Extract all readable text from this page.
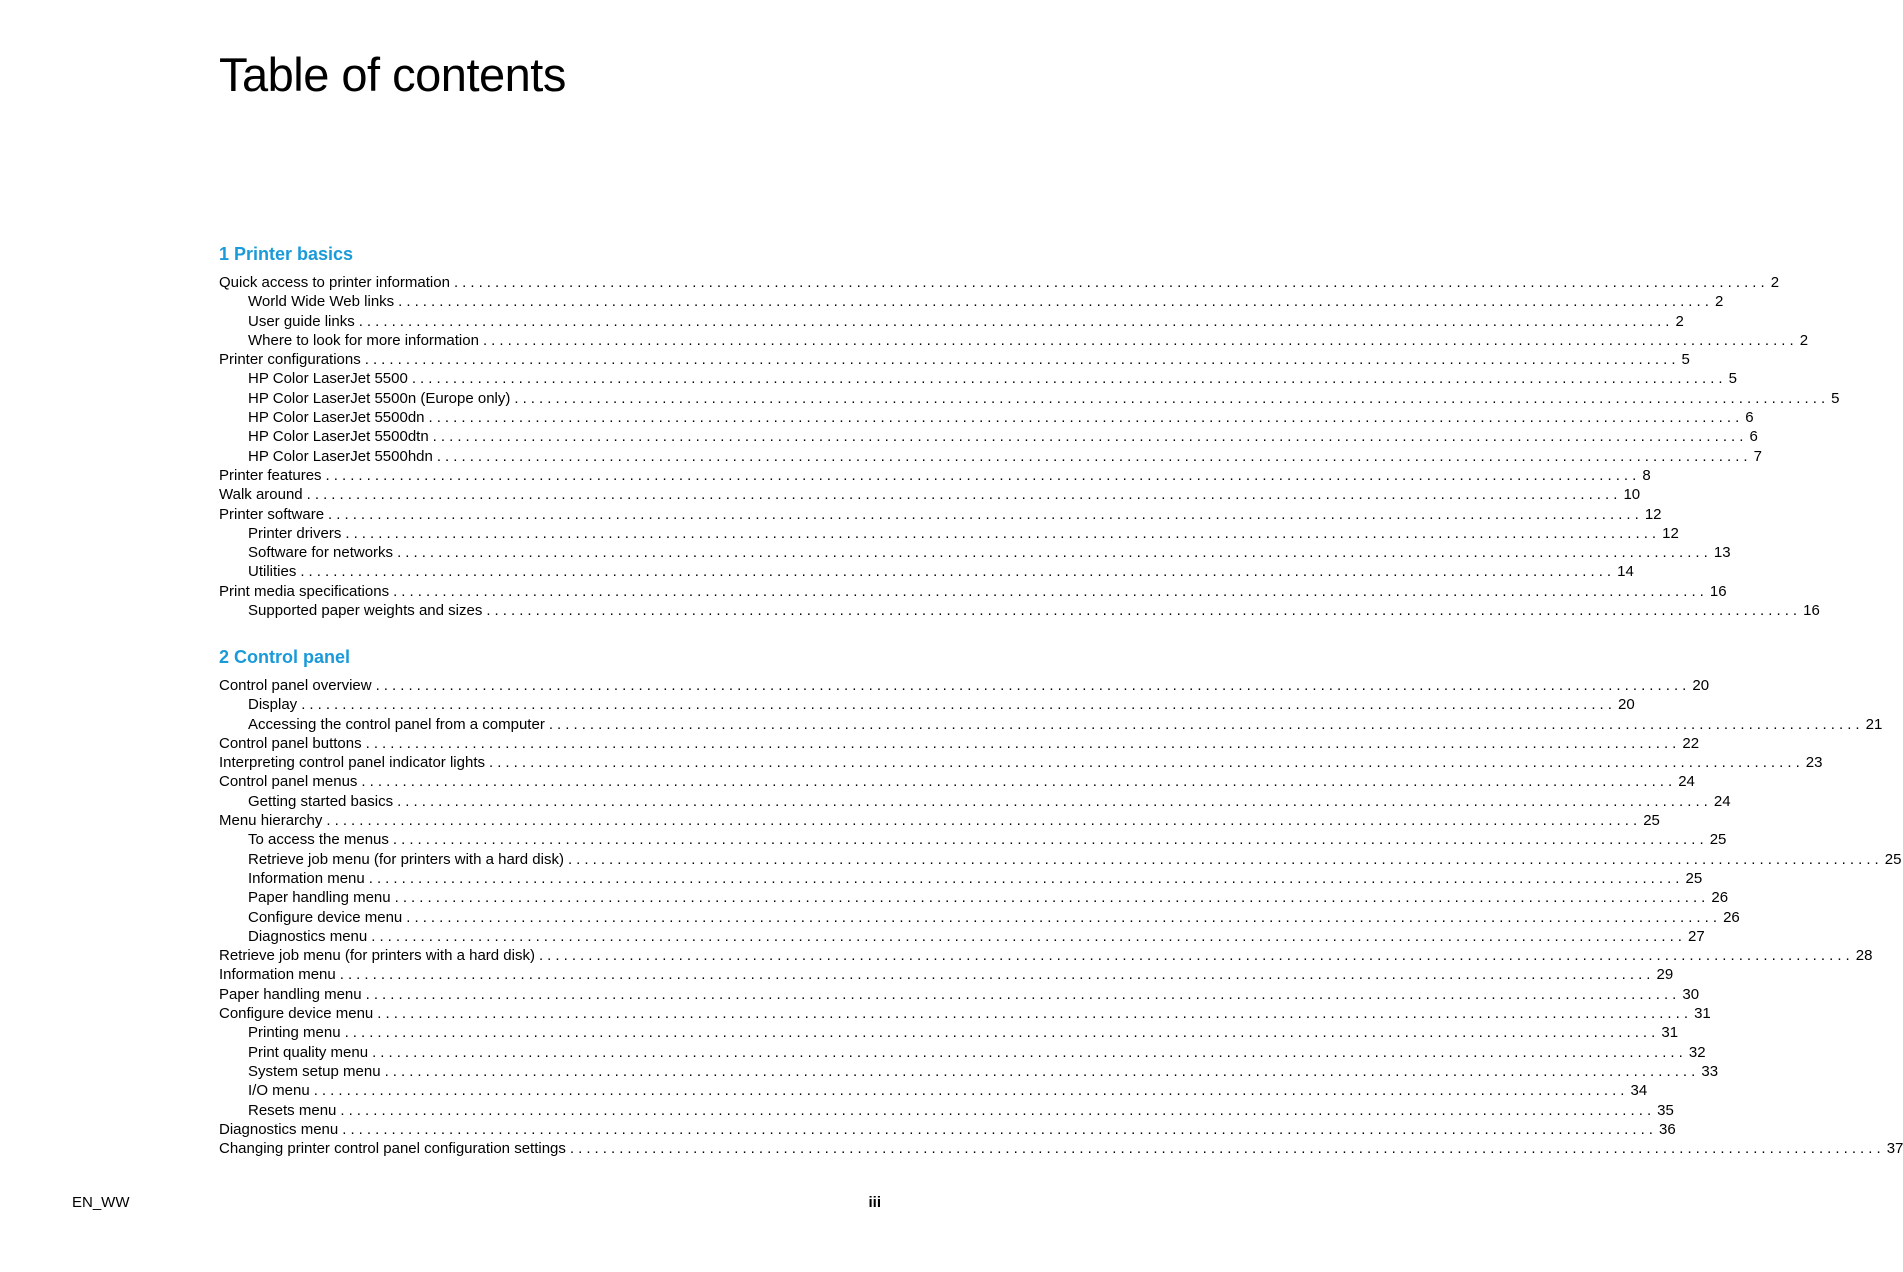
Table of contents
1 Printer basics
Quick access to printer information ................................................................................................................................................................ 2
World Wide Web links ................................................................................................................................................................ 2
User guide links ................................................................................................................................................................ 2
Where to look for more information ................................................................................................................................................................ 2
Printer configurations ................................................................................................................................................................ 5
HP Color LaserJet 5500 ................................................................................................................................................................ 5
HP Color LaserJet 5500n (Europe only) ................................................................................................................................................................ 5
HP Color LaserJet 5500dn ................................................................................................................................................................ 6
HP Color LaserJet 5500dtn ................................................................................................................................................................ 6
HP Color LaserJet 5500hdn ................................................................................................................................................................ 7
Printer features ................................................................................................................................................................ 8
Walk around ................................................................................................................................................................ 10
Printer software ................................................................................................................................................................ 12
Printer drivers ................................................................................................................................................................ 12
Software for networks ................................................................................................................................................................ 13
Utilities ................................................................................................................................................................ 14
Print media specifications ................................................................................................................................................................ 16
Supported paper weights and sizes ................................................................................................................................................................ 16
2 Control panel
Control panel overview ................................................................................................................................................................ 20
Display ................................................................................................................................................................ 20
Accessing the control panel from a computer ................................................................................................................................................................ 21
Control panel buttons ................................................................................................................................................................ 22
Interpreting control panel indicator lights ................................................................................................................................................................ 23
Control panel menus ................................................................................................................................................................ 24
Getting started basics ................................................................................................................................................................ 24
Menu hierarchy ................................................................................................................................................................ 25
To access the menus ................................................................................................................................................................ 25
Retrieve job menu (for printers with a hard disk) ................................................................................................................................................................ 25
Information menu ................................................................................................................................................................ 25
Paper handling menu ................................................................................................................................................................ 26
Configure device menu ................................................................................................................................................................ 26
Diagnostics menu ................................................................................................................................................................ 27
Retrieve job menu (for printers with a hard disk) ................................................................................................................................................................ 28
Information menu ................................................................................................................................................................ 29
Paper handling menu ................................................................................................................................................................ 30
Configure device menu ................................................................................................................................................................ 31
Printing menu ................................................................................................................................................................ 31
Print quality menu ................................................................................................................................................................ 32
System setup menu ................................................................................................................................................................ 33
I/O menu ................................................................................................................................................................ 34
Resets menu ................................................................................................................................................................ 35
Diagnostics menu ................................................................................................................................................................ 36
Changing printer control panel configuration settings ................................................................................................................................................................ 37
EN_WW	iii
